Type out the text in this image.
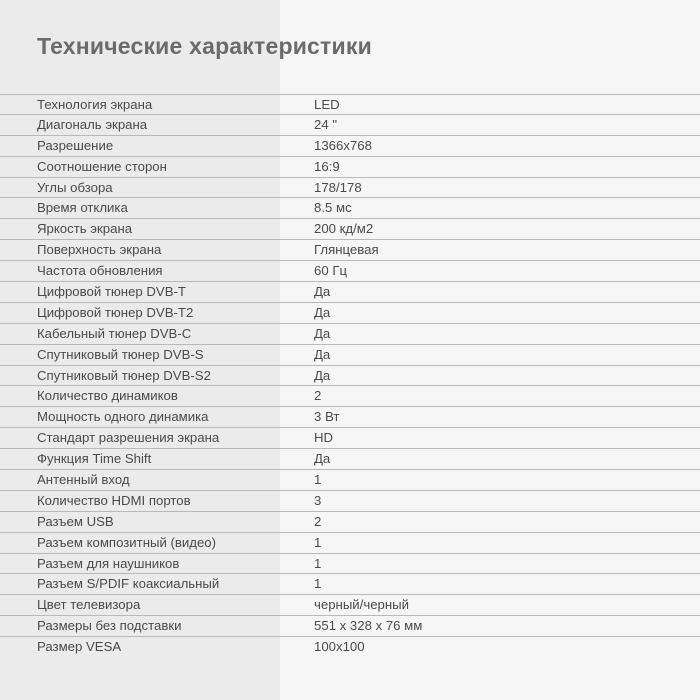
Технические характеристики
Технология экрана	LED
Диагональ экрана	24 "
Разрешение	1366x768
Соотношение сторон	16:9
Углы обзора	178/178
Время отклика	8.5 мс
Яркость экрана	200 кд/м2
Поверхность экрана	Глянцевая
Частота обновления	60 Гц
Цифровой тюнер DVB-T	Да
Цифровой тюнер DVB-T2	Да
Кабельный тюнер DVB-C	Да
Спутниковый тюнер DVB-S	Да
Спутниковый тюнер DVB-S2	Да
Количество динамиков	2
Мощность одного динамика	3 Вт
Стандарт разрешения экрана	HD
Функция Time Shift	Да
Антенный вход	1
Количество HDMI портов	3
Разъем USB	2
Разъем композитный (видео)	1
Разъем для наушников	1
Разъем S/PDIF коаксиальный	1
Цвет телевизора	черный/черный
Размеры без подставки	551 x 328 x 76 мм
Размер VESA	100x100
